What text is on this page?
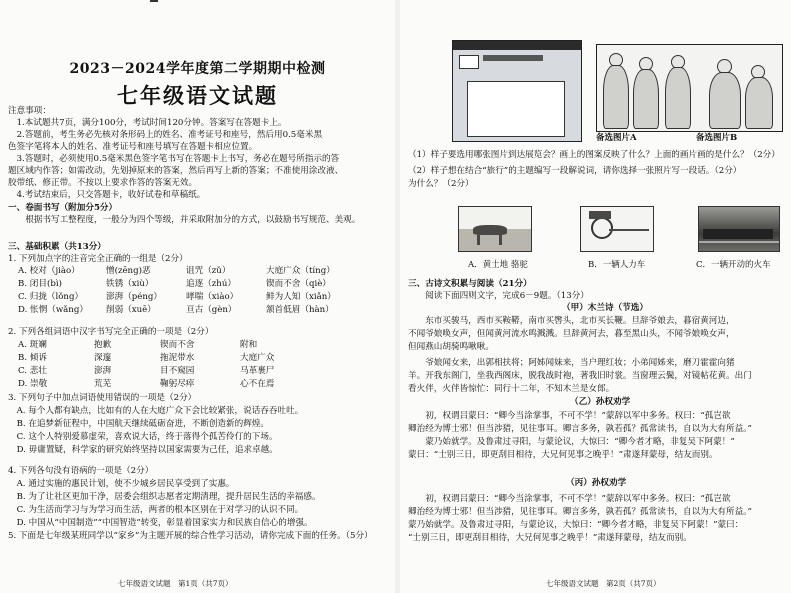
2023－2024学年度第二学期期中检测
七年级语文试题
注意事项：
　1.本试题共7页，满分100分，考试时间120分钟。答案写在答题卡上。
　2.答题前，考生务必先核对条形码上的姓名、准考证号和座号，然后用0.5毫米黑
色签字笔将本人的姓名、准考证号和座号填写在答题卡相应位置。
　3.答题时，必须使用0.5毫米黑色签字笔书写在答题卡上书写，务必在题号所指示的答
题区域内作答；如需改动，先划掉原来的答案，然后再写上新的答案；不准使用涂改液、
胶带纸、修正带。不按以上要求作答的答案无效。
　4.考试结束后，只交答题卡，收好试卷和草稿纸。
一、卷面书写（附加分5分）
　　根据书写工整程度，一般分为四个等级，并采取附加分的方式，以鼓励书写规范、美观。
三、基础积累（共13分）
1. 下列加点字的注音完全正确的一组是（2分）
A. 校对（jiào）	憎(zēng)恶	诅咒（zǔ）	大庭广众（tíng）
B. 闭目(bì)	铁锈（xiù）	追逐（zhú）	锲而不舍（qiè）
C. 归拢（lǒng）	澎湃（péng）	哮喘（xiào）	鲜为人知（xiǎn）
D. 怅惘（wǎng） 削弱（xuē）	亘古（gèn）	颔首低眉（hàn）
2. 下列各组词语中汉字书写完全正确的一项是（2分）
A. 斑斓	抱歉	锲而不舍	附和
B. 倾诉	深邃	拖泥带水	大庭广众
C. 悲壮	澎湃	目不窥园	马革裹尸
D. 崇敬	荒芜	鞠躬尽瘁	心不在焉
3. 下列句子中加点词语使用错误的一项是（2分）
　A. 每个人都有缺点，比如有的人在大庭广众下会比较紧张，说话吞吞吐吐。
　B. 在追梦新征程中，中国航天继续砥砺奋进，不断创造新的辉煌。
　C. 这个人特别爱慕虚荣，喜欢说大话，终于落得个孤苦伶仃的下场。
　D. 毋庸置疑，科学家的研究始终坚持以国家需要为己任，追求卓越。
4. 下列各句没有语病的一项是（2分）
　A. 通过实施的惠民计划，使不少城乡居民享受到了实惠。
　B. 为了让社区更加干净，居委会组织志愿者定期清理，提升居民生活的幸福感。
　C. 为生活而学习与为学习而生活，两者的根本区别在于对学习的认识不同。
　D. 中国从“中国制造”“中国智造”转变，彰显着国家实力和民族自信心的增强。
5. 下面是七年级某班同学以“家乡”为主题开展的综合性学习活动，请你完成下面的任务。（5分）
七年级语文试题　第1页（共7页）
备选图片A	备选图片B
（1）样子要选用哪张图片到达展览会？画上的图案反映了什么？上面的画片画的是什么？（2分）
（2）样子想在结合“旅行”的主题编写一段解说词，请你选择一张照片写一段话。（2分）
为什么？（2分）
A．黄土地 骆驼	B．一辆人力车	C．一辆开动的火车
三、古诗文积累与阅读（21分）
　　阅读下面四则文字，完成6－9题。（13分）
（甲）木兰诗（节选）
　　东市买骏马，西市买鞍鞯，南市买辔头，北市买长鞭。旦辞爷娘去，暮宿黄河边，
不闻爷娘唤女声，但闻黄河流水鸣溅溅。旦辞黄河去，暮至黑山头，不闻爷娘唤女声，
但闻燕山胡骑鸣啾啾。
　　爷娘闻女来，出郭相扶将；阿姊闻妹来，当户理红妆；小弟闻姊来，磨刀霍霍向猪
羊。开我东阁门，坐我西阁床，脱我战时袍，著我旧时裳。当窗理云鬓，对镜帖花黄。出门
看火伴，火伴皆惊忙：同行十二年，不知木兰是女郎。
（乙）孙权劝学
　　初，权谓吕蒙曰：“卿今当涂掌事，不可不学！”蒙辞以军中多务。权曰：“孤岂欲
卿治经为博士邪！但当涉猎，见往事耳。卿言多务，孰若孤？孤常读书，自以为大有所益。”
　　蒙乃始就学。及鲁肃过寻阳，与蒙论议，大惊曰：“卿今者才略，非复吴下阿蒙！”
蒙曰：“士别三日，即更刮目相待，大兄何见事之晚乎！”肃遂拜蒙母，结友而别。
（丙）孙权劝学
　　初，权谓吕蒙曰：“卿今当涂掌事，不可不学！”蒙辞以军中多务。权曰：“孤岂欲
卿治经为博士邪！但当涉猎，见往事耳。卿言多务，孰若孤？孤常读书，自以为大有所益。”
蒙乃始就学。及鲁肃过寻阳，与蒙论议，大惊曰：“卿今者才略，非复吴下阿蒙！”蒙曰：
“士别三日，即更刮目相待，大兄何见事之晚乎！”肃遂拜蒙母，结友而别。
七年级语文试题　第2页（共7页）
